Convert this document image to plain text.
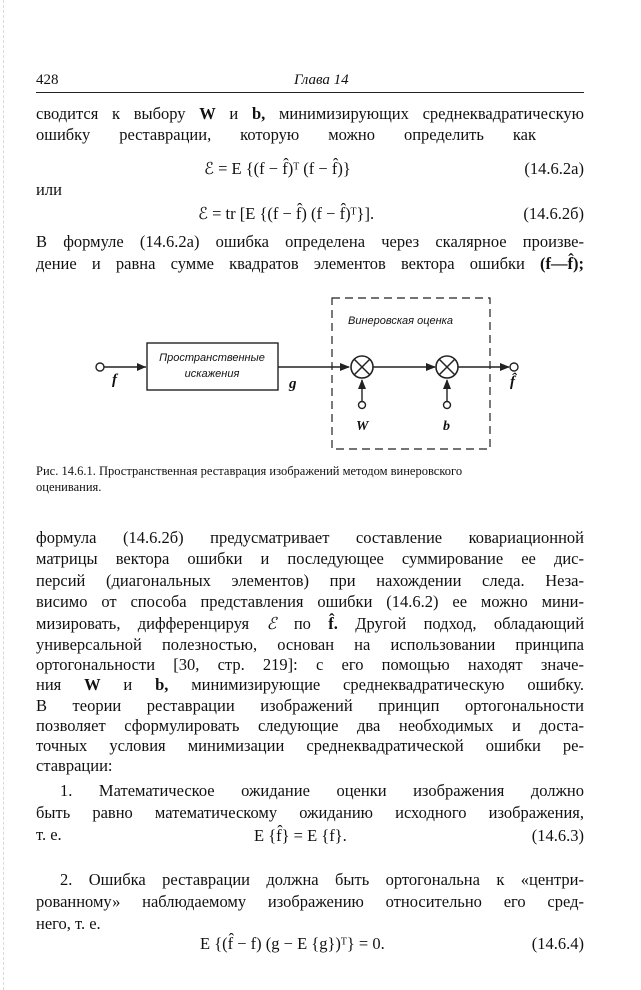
428	Глава 14

сводится к выбору W и b, минимизирующих среднеквадратическую

ошибку реставрации, которую можно определить как

ℰ = E {(f − f̂)ᵀ (f − f̂)}	(14.6.2а)

или

ℰ = tr [E {(f − f̂) (f − f̂)ᵀ}].	(14.6.2б)

В формуле (14.6.2а) ошибка определена через скалярное произве-

дение и равна сумме квадратов элементов вектора ошибки (f—f̂);

Пространственные
искажения
Винеровская оценка
f	g	f̂
W	b

Рис. 14.6.1. Пространственная реставрация изображений методом винеровского

оценивания.

формула (14.6.2б) предусматривает составление ковариационной

матрицы вектора ошибки и последующее суммирование ее дис-

персий (диагональных элементов) при нахождении следа. Неза-

висимо от способа представления ошибки (14.6.2) ее можно мини-

мизировать, дифференцируя ℰ по f̂. Другой подход, обладающий

универсальной полезностью, основан на использовании принципа

ортогональности [30, стр. 219]: с его помощью находят значе-

ния W и b, минимизирующие среднеквадратическую ошибку.

В теории реставрации изображений принцип ортогональности

позволяет сформулировать следующие два необходимых и доста-

точных условия минимизации среднеквадратической ошибки ре-

ставрации:

1. Математическое ожидание оценки изображения должно

быть равно математическому ожиданию исходного изображения,

т. е.	E {f̂} = E {f}.	(14.6.3)

2. Ошибка реставрации должна быть ортогональна к «центри-

рованному» наблюдаемому изображению относительно его сред-

него, т. е.

E {(f̂ − f) (g − E {g})ᵀ} = 0.	(14.6.4)
